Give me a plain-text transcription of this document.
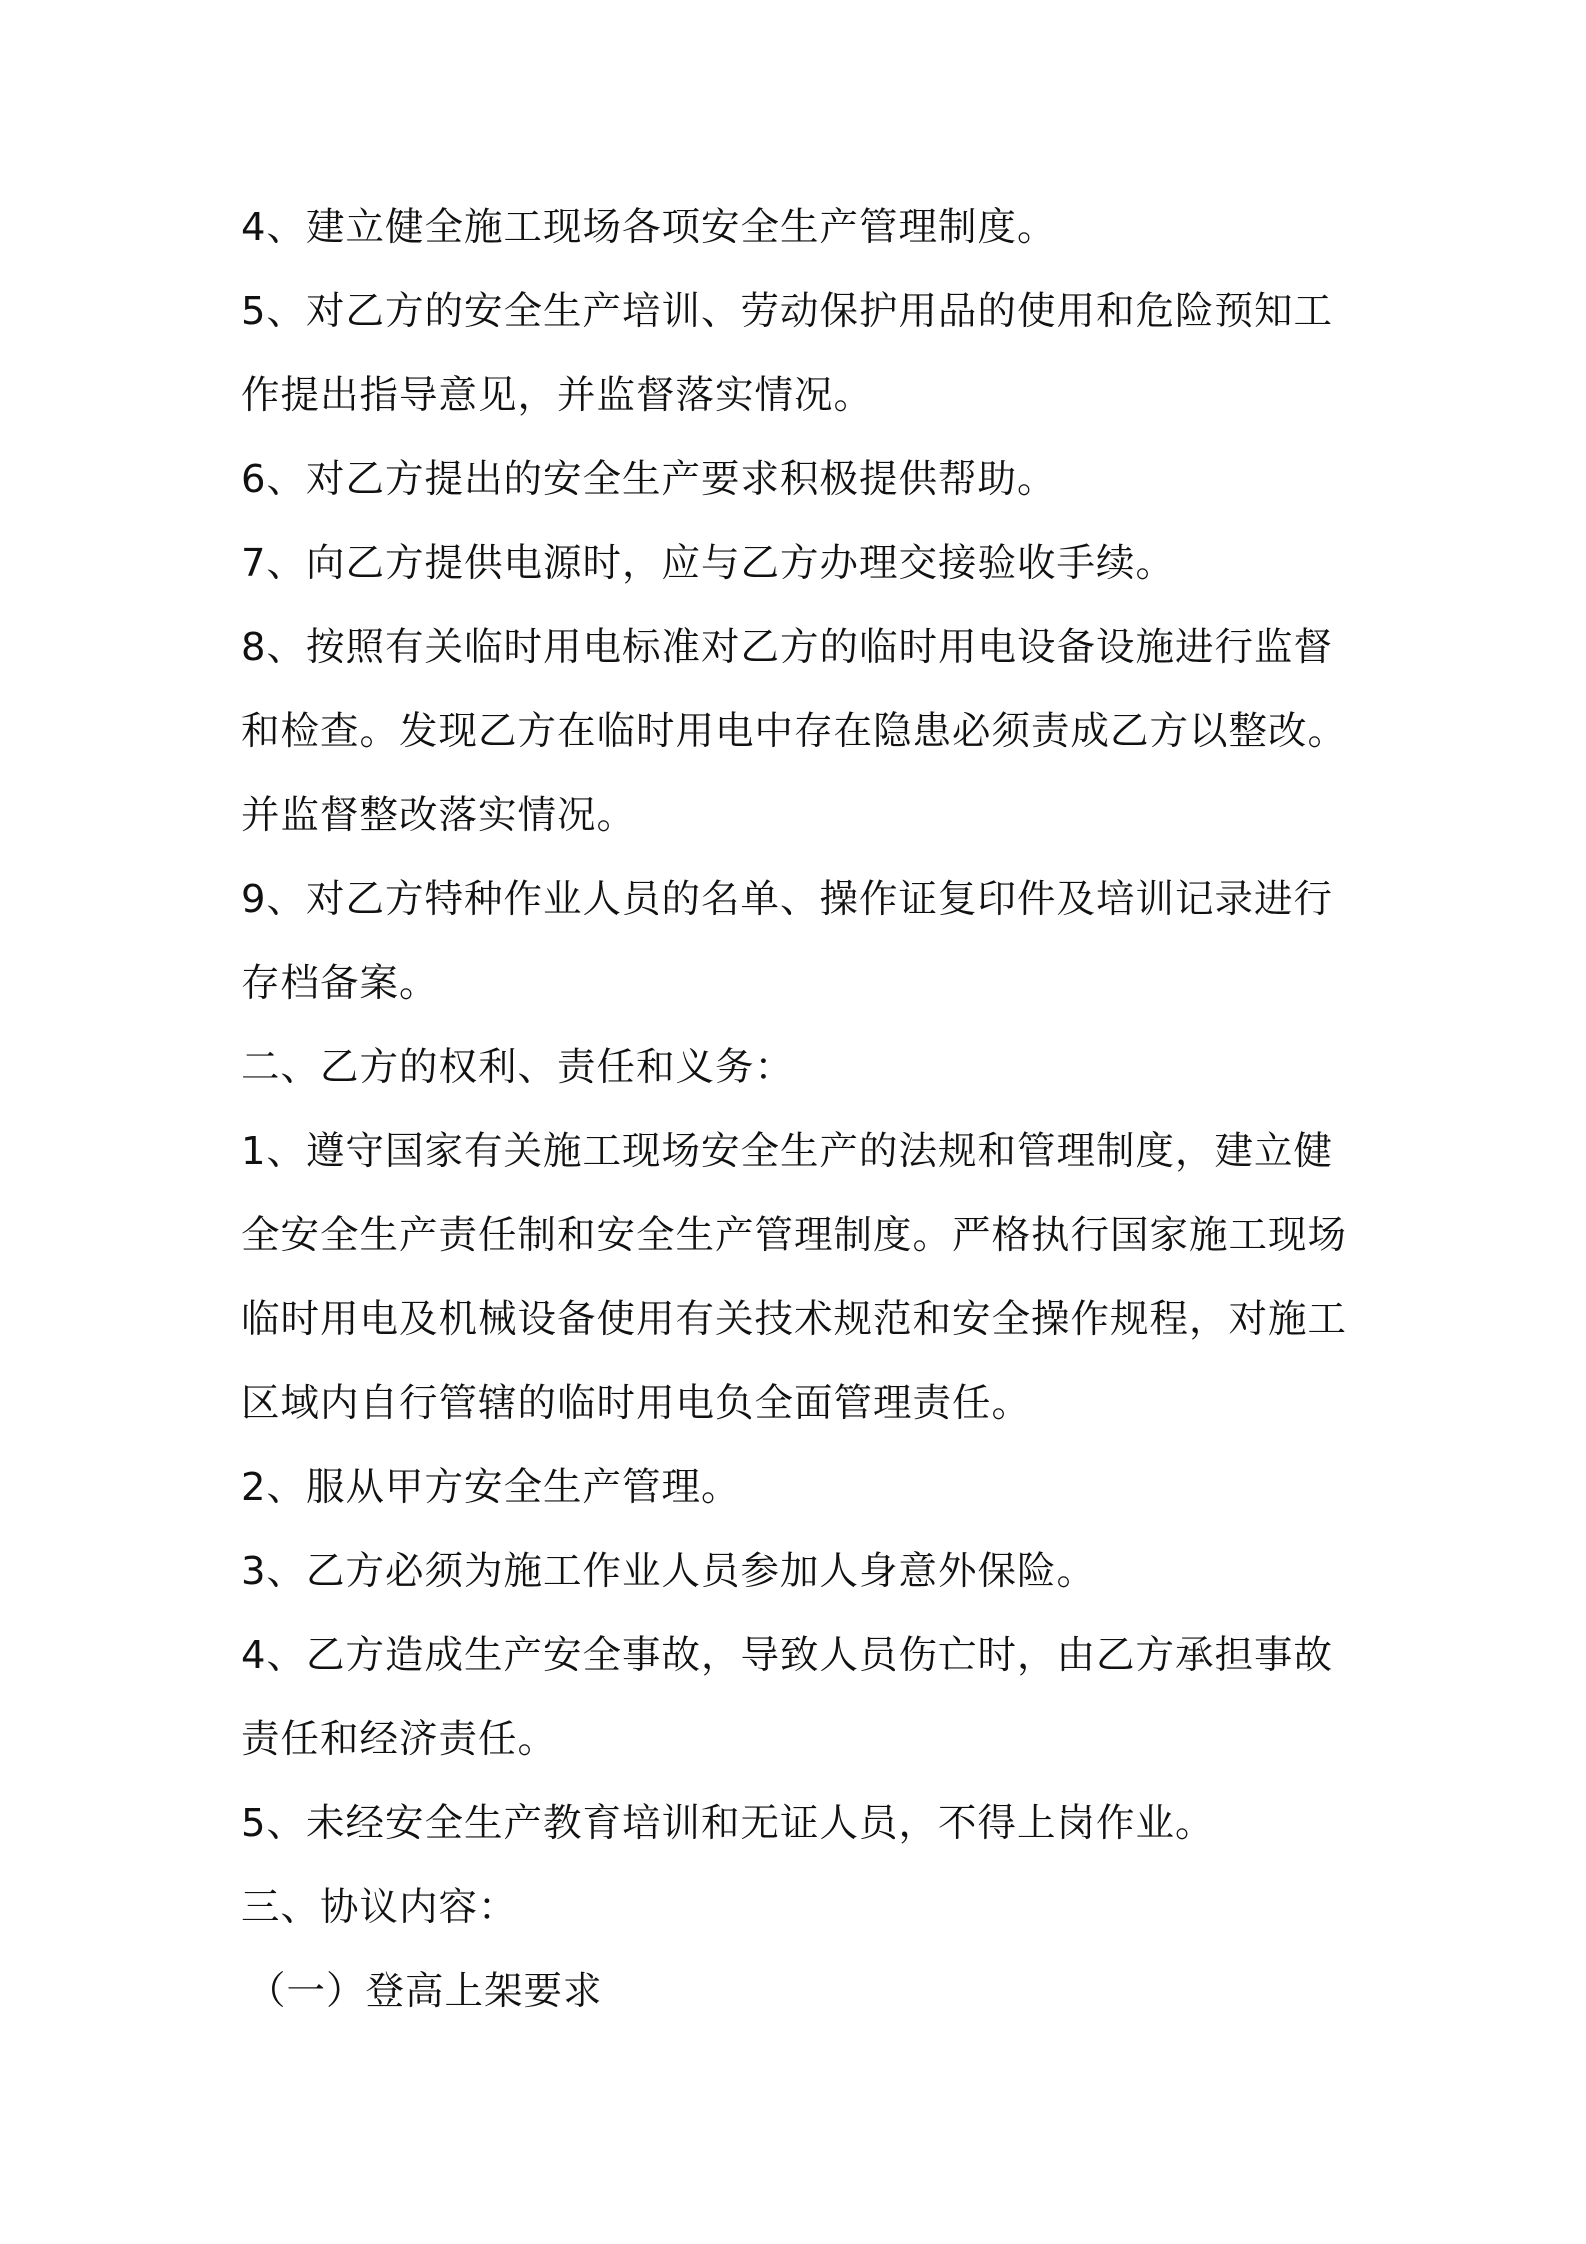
4、建立健全施工现场各项安全生产管理制度。
5、对乙方的安全生产培训、劳动保护用品的使用和危险预知工
作提出指导意见，并监督落实情况。
6、对乙方提出的安全生产要求积极提供帮助。
7、向乙方提供电源时，应与乙方办理交接验收手续。
8、按照有关临时用电标准对乙方的临时用电设备设施进行监督
和检查。发现乙方在临时用电中存在隐患必须责成乙方以整改。
并监督整改落实情况。
9、对乙方特种作业人员的名单、操作证复印件及培训记录进行
存档备案。
二、乙方的权利、责任和义务：
1、遵守国家有关施工现场安全生产的法规和管理制度，建立健
全安全生产责任制和安全生产管理制度。严格执行国家施工现场
临时用电及机械设备使用有关技术规范和安全操作规程，对施工
区域内自行管辖的临时用电负全面管理责任。
2、服从甲方安全生产管理。
3、乙方必须为施工作业人员参加人身意外保险。
4、乙方造成生产安全事故，导致人员伤亡时，由乙方承担事故
责任和经济责任。
5、未经安全生产教育培训和无证人员，不得上岗作业。
三、协议内容：
（一）登高上架要求
